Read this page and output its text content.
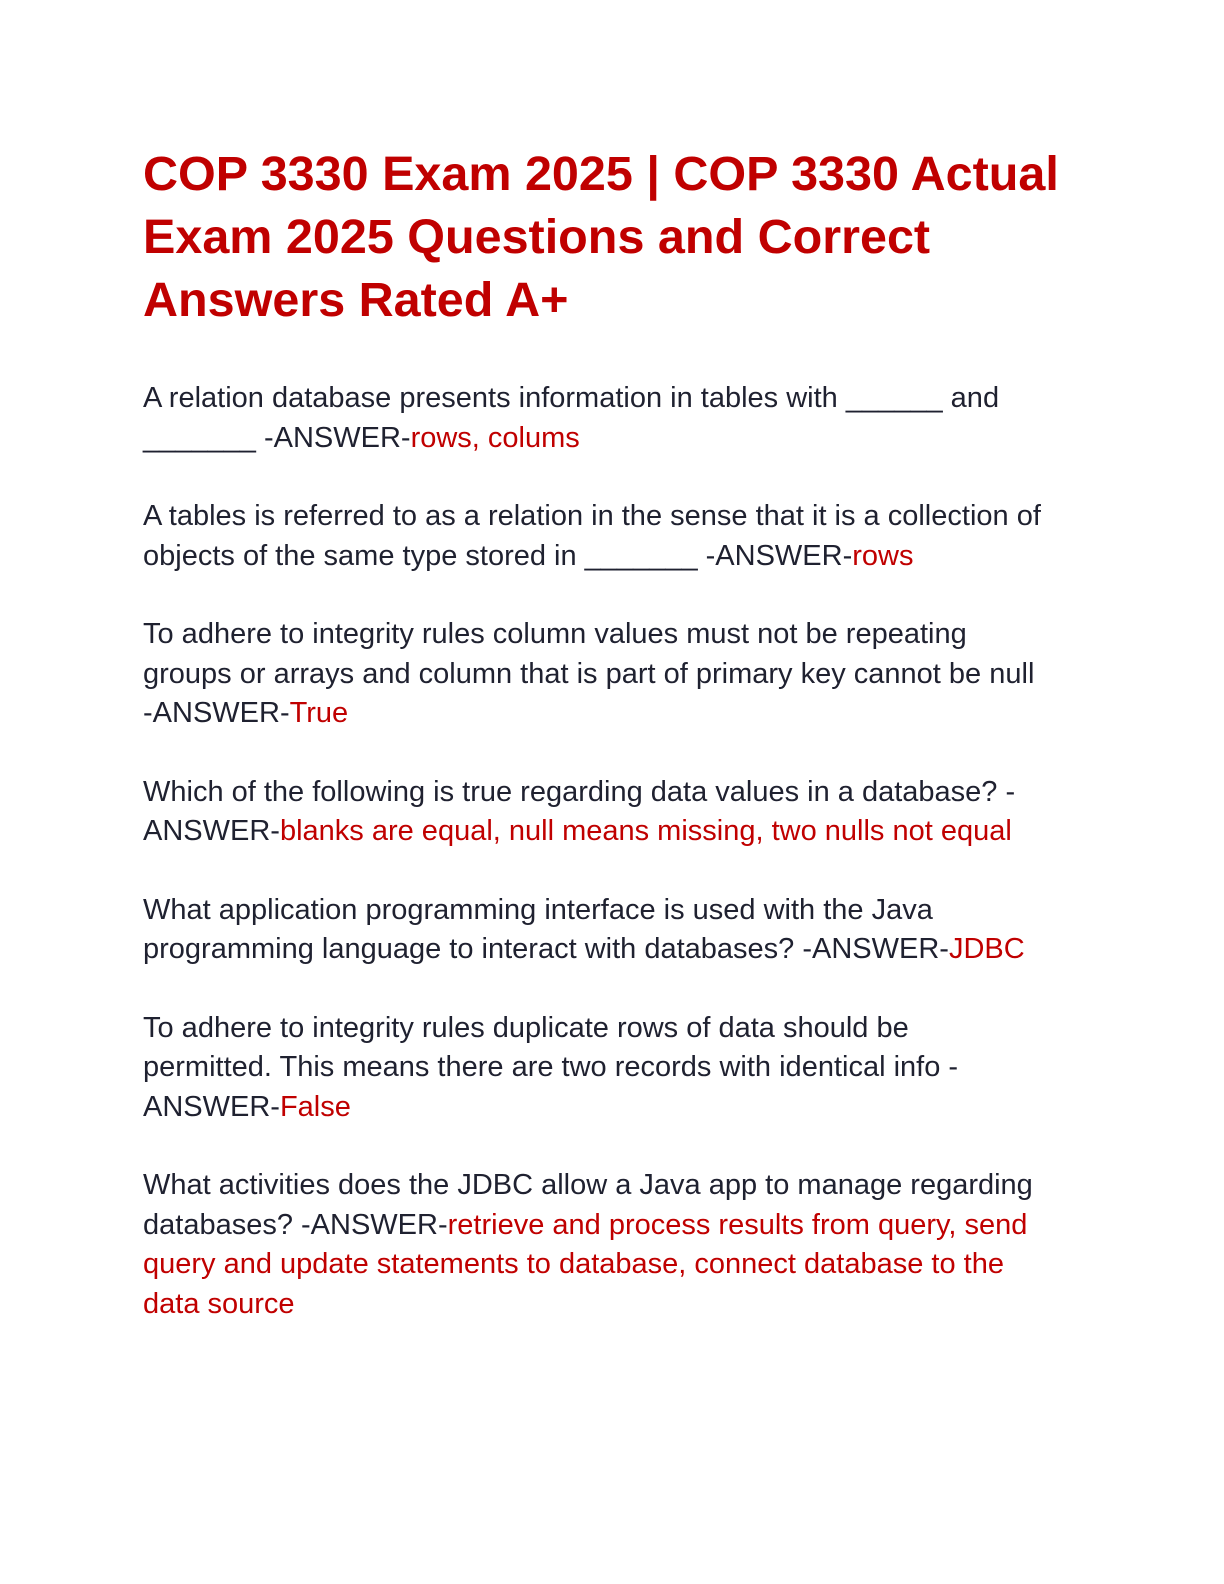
COP 3330 Exam 2025 | COP 3330 Actual
Exam 2025 Questions and Correct
Answers Rated A+

A relation database presents information in tables with ______ and
_______ -ANSWER-rows, colums

A tables is referred to as a relation in the sense that it is a collection of
objects of the same type stored in _______ -ANSWER-rows

To adhere to integrity rules column values must not be repeating
groups or arrays and column that is part of primary key cannot be null
-ANSWER-True

Which of the following is true regarding data values in a database? -
ANSWER-blanks are equal, null means missing, two nulls not equal

What application programming interface is used with the Java
programming language to interact with databases? -ANSWER-JDBC

To adhere to integrity rules duplicate rows of data should be
permitted. This means there are two records with identical info -
ANSWER-False

What activities does the JDBC allow a Java app to manage regarding
databases? -ANSWER-retrieve and process results from query, send
query and update statements to database, connect database to the
data source
